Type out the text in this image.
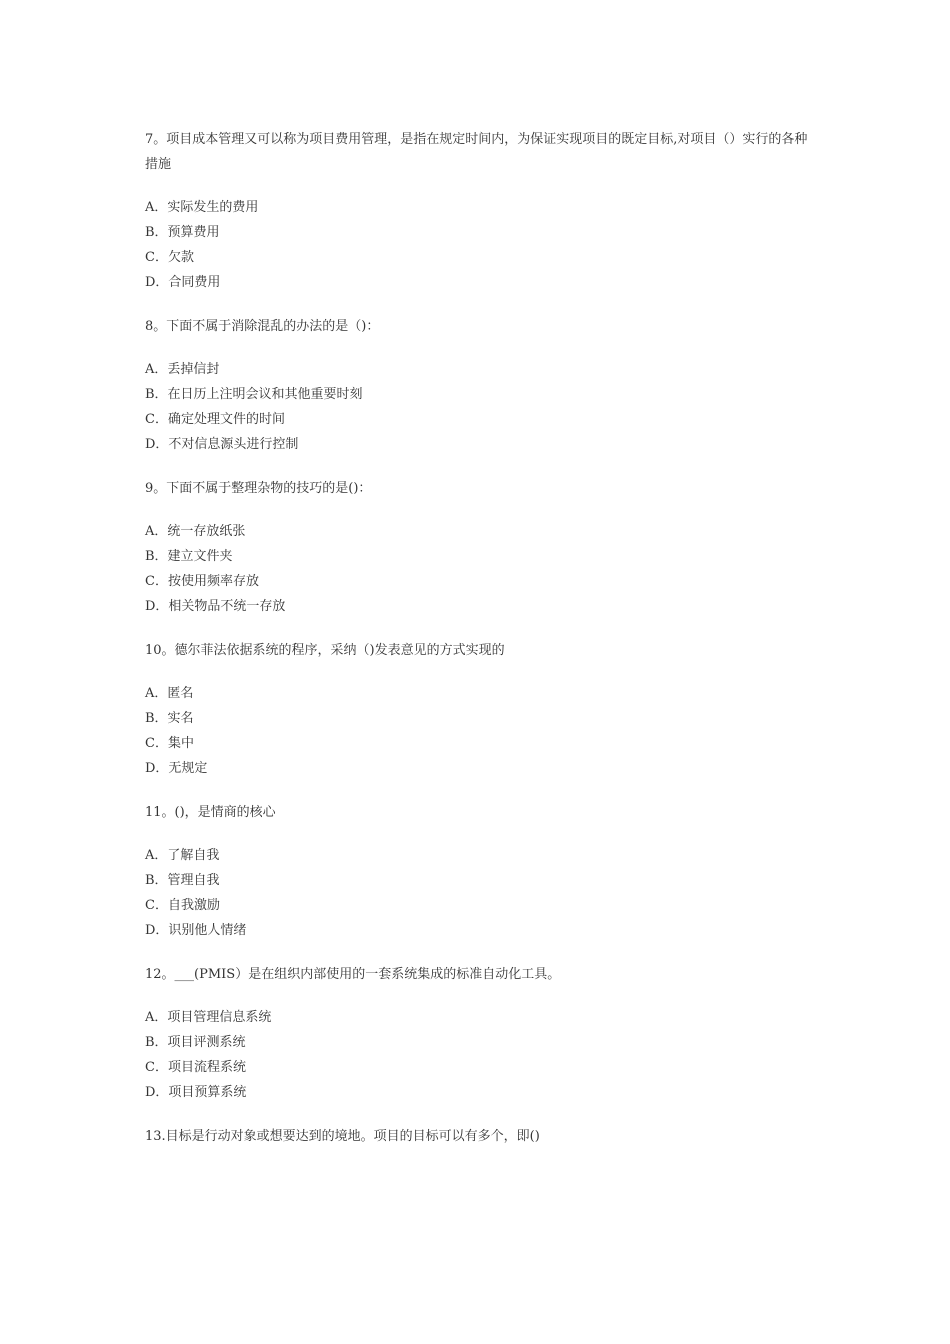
7。项目成本管理又可以称为项目费用管理，是指在规定时间内，为保证实现项目的既定目标,对项目（）实行的各种措施

A．实际发生的费用
B．预算费用
C．欠款
D．合同费用

8。下面不属于消除混乱的办法的是（)：

A．丢掉信封
B．在日历上注明会议和其他重要时刻
C．确定处理文件的时间
D．不对信息源头进行控制

9。下面不属于整理杂物的技巧的是()：

A．统一存放纸张
B．建立文件夹
C．按使用频率存放
D．相关物品不统一存放

10。德尔菲法依据系统的程序，采纳（)发表意见的方式实现的

A．匿名
B．实名
C．集中
D．无规定

11。()，是情商的核心

A．了解自我
B．管理自我
C．自我激励
D．识别他人情绪

12。___(PMIS）是在组织内部使用的一套系统集成的标准自动化工具。

A．项目管理信息系统
B．项目评测系统
C．项目流程系统
D．项目预算系统

13.目标是行动对象或想要达到的境地。项目的目标可以有多个，即()
